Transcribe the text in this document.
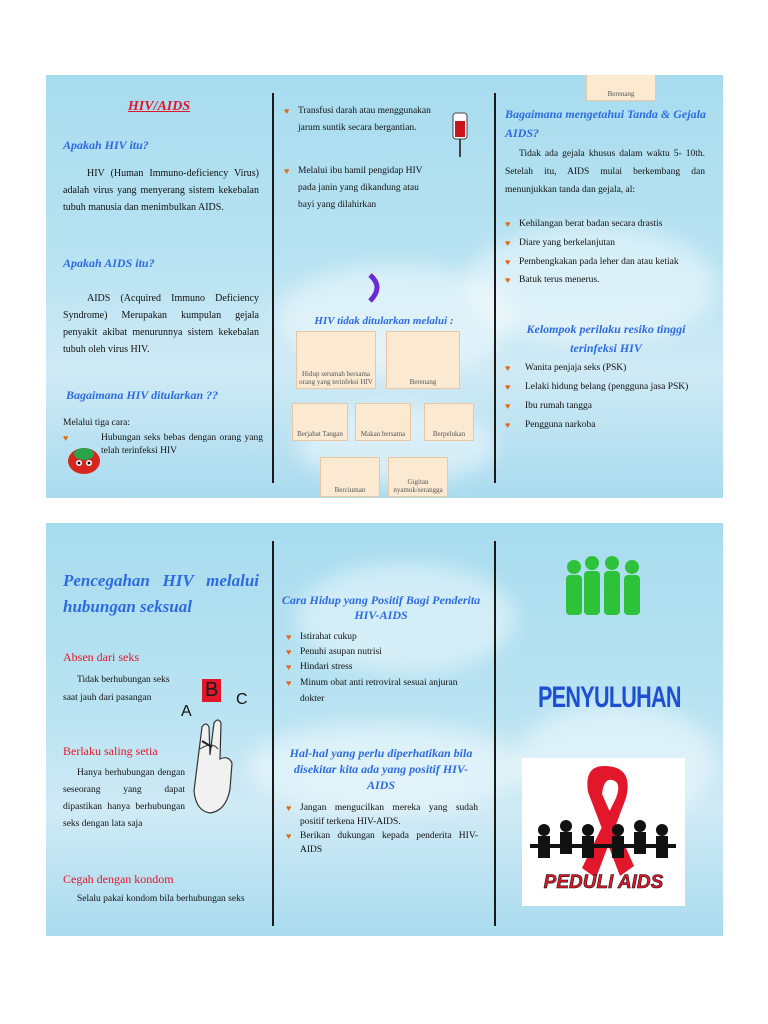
HIV/AIDS
Apakah HIV itu?
HIV (Human Immuno-deficiency Virus) adalah virus yang menyerang sistem kekebalan tubuh manusia dan menimbulkan AIDS.
Apakah AIDS itu?
AIDS (Acquired Immuno Deficiency Syndrome) Merupakan kumpulan gejala penyakit akibat menurunnya sistem kekebalan tubuh oleh virus HIV.
Bagaimana HIV ditularkan ??
Melalui tiga cara:
♥ Hubungan seks bebas dengan orang yang telah terinfeksi HIV
♥ Transfusi darah atau menggunakan jarum suntik secara bergantian.
♥ Melalui ibu hamil pengidap HIV pada janin yang dikandung atau bayi yang dilahirkan
HIV tidak ditularkan melalui :
Hidup serumah bersama orang yang terinfeksi HIV	Berenang
Berjabat Tangan	Makan bersama	Berpelukan
Berciuman
Gigitan nyamuk/serangga
Berenang
Bagaimana mengetahui Tanda & Gejala AIDS?
Tidak ada gejala khusus dalam waktu 5- 10th. Setelah itu, AIDS mulai berkembang dan menunjukkan tanda dan gejala, al:
♥ Kehilangan berat badan secara drastis
♥ Diare yang berkelanjutan
♥ Pembengkakan pada leher dan atau ketiak
♥ Batuk terus menerus.
Kelompok perilaku resiko tinggi terinfeksi HIV
♥ Wanita penjaja seks (PSK)
♥ Lelaki hidung belang (pengguna jasa PSK)
♥ Ibu rumah tangga
♥ Pengguna narkoba
Pencegahan HIV melalui hubungan seksual
Absen dari seks
Tidak berhubungan seks saat jauh dari pasangan
Berlaku saling setia
Hanya berhubungan dengan seseorang yang dapat dipastikan hanya berhubungan seks dengan lata saja
A
B C
Cegah dengan kondom
Selalu pakai kondom bila berhubungan seks
Cara Hidup yang Positif Bagi Penderita HIV-AIDS
♥ Istirahat cukup
♥ Penuhi asupan nutrisi
♥ Hindari stress
♥ Minum obat anti retroviral sesuai anjuran dokter
Hal-hal yang perlu diperhatikan bila disekitar kita ada yang positif HIV-AIDS
♥ Jangan mengucilkan mereka yang sudah positif terkena HIV-AIDS.
♥ Berikan dukungan kepada penderita HIV-AIDS
PENYULUHAN
PEDULI AIDS
